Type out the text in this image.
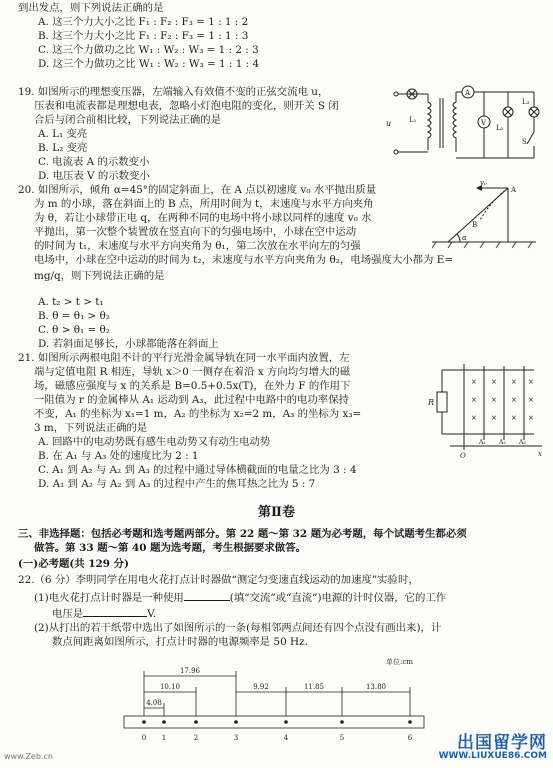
到出发点，则下列说法正确的是
A. 这三个力大小之比 F₁ : F₂ : F₃ = 1 : 1 : 2
B. 这三个力大小之比 F₁ : F₂ : F₃ = 1 : 1 : 3
C. 这三个力做功之比 W₁ : W₂ : W₃ = 1 : 2 : 3
D. 这三个力做功之比 W₁ : W₂ : W₃ = 1 : 1 : 4
19. 如图所示的理想变压器，左端输入有效值不变的正弦交流电 u，
压表和电流表都是理想电表，忽略小灯泡电阻的变化，则开关 S 闭
合后与闭合前相比较，下列说法正确的是
A. L₁ 变亮
B. L₂ 变亮
C. 电流表 A 的示数变小
D. 电压表 V 的示数变小
u	L₁
A
V
L₂
L₃
S
20. 如图所示，倾角 α=45°的固定斜面上，在 A 点以初速度 v₀ 水平抛出质量
为 m 的小球，落在斜面上的 B 点，所用时间为 t，末速度与水平方向夹角
为 θ，若让小球带正电 q，在两种不同的电场中将小球以同样的速度 v₀ 水
平抛出，第一次整个装置放在竖直向下的匀强电场中，小球在空中运动
的时间为 t₁，末速度与水平方向夹角为 θ₁，第二次放在水平向左的匀强
电场中，小球在空中运动的时间为 t₂，末速度与水平方向夹角为 θ₂，电场强度大小都为 E=
mg/q，则下列说法正确的是
A. t₂ > t > t₁
B. θ = θ₁ > θ₂
C. θ > θ₁ = θ₂
D. 若斜面足够长，小球都能落在斜面上
v₀
A
B
α
21. 如图所示两根电阻不计的平行光滑金属导轨在同一水平面内放置，左
端与定值电阻 R 相连，导轨 x＞0 一侧存在着沿 x 方向均匀增大的磁
场，磁感应强度与 x 的关系是 B=0.5+0.5x(T)，在外力 F 的作用下
一阻值为 r 的金属棒从 A₁ 运动到 A₃，此过程中电路中的电功率保持
不变，A₁ 的坐标为 x₁=1 m，A₂ 的坐标为 x₂=2 m，A₃ 的坐标为 x₃=
3 m，下列说法正确的是
A. 回路中的电动势既有感生电动势又有动生电动势
B. 在 A₁ 与 A₃ 处的速度比为 2 : 1
C. A₁ 到 A₂ 与 A₂ 到 A₃ 的过程中通过导体横截面的电量之比为 3 : 4
D. A₁ 到 A₂ 与 A₂ 到 A₃ 的过程中产生的焦耳热之比为 5 : 7
× × × ×
× × × ×
× × × ×
R
O	x
A₁ A₂ A₃
第Ⅱ卷
三、非选择题：包括必考题和选考题两部分。第 22 题～第 32 题为必考题，每个试题考生都必须
做答。第 33 题～第 40 题为选考题，考生根据要求做答。
(一)必考题(共 129 分)
22.（6 分）李明同学在用电火花打点计时器做“测定匀变速直线运动的加速度”实验时，
(1)电火花打点计时器是一种使用	(填“交流”或“直流”)电源的计时仪器，它的工作
电压是	V.
(2)从打出的若干纸带中选出了如图所示的一条(每相邻两点间还有四个点没有画出来)，计
数点间距离如图所示，打点计时器的电源频率是 50 Hz.
单位:cm
17.96
10.10
4.08
9.92	11.85	13.80
0 1	2	3	4	5	6
www.Zeb.cn
出国留学网
WWW.LIUXUE86.COM
